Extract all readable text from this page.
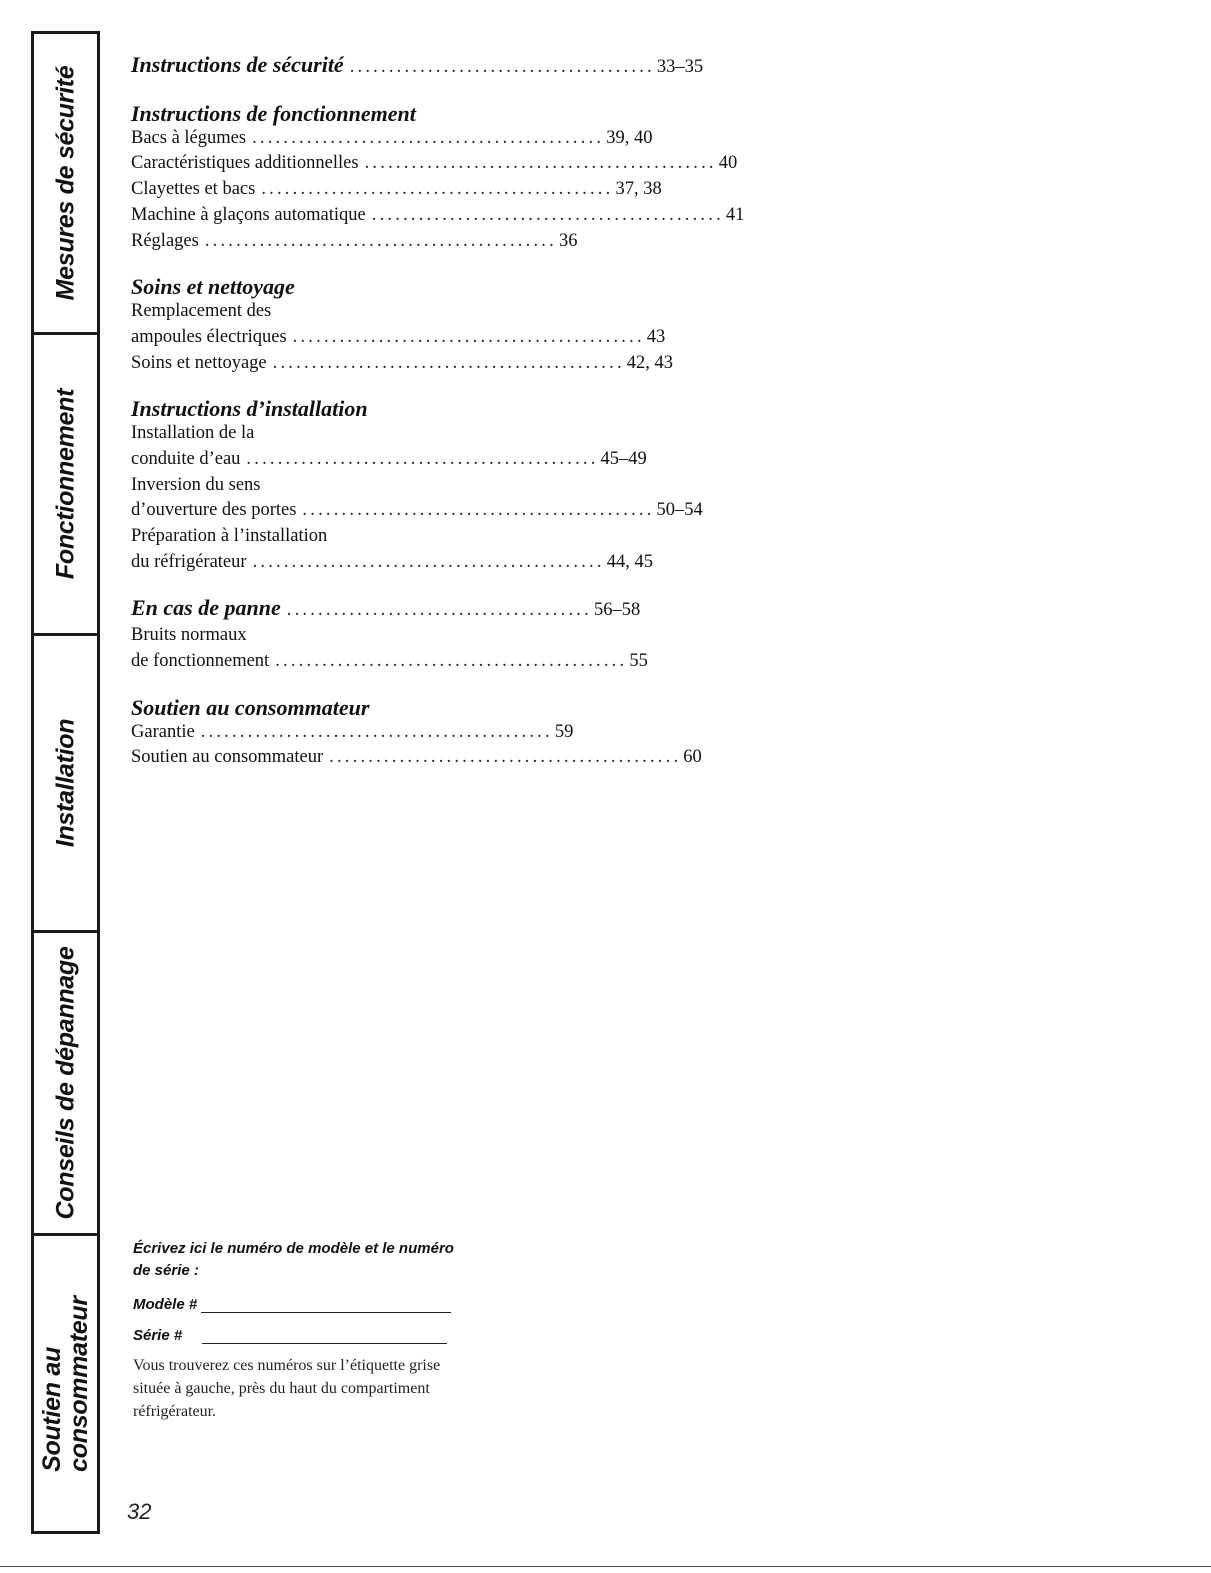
Mesures de sécurité
Fonctionnement
Installation
Conseils de dépannage
Soutien au consommateur
Instructions de sécurité ....................................... 33–35
Instructions de fonctionnement
Bacs à légumes ............................................. 39, 40
Caractéristiques additionnelles ............................................. 40
Clayettes et bacs ............................................. 37, 38
Machine à glaçons automatique ............................................. 41
Réglages ............................................. 36
Soins et nettoyage
Remplacement des
ampoules électriques ............................................. 43
Soins et nettoyage ............................................. 42, 43
Instructions d’installation
Installation de la
conduite d’eau ............................................. 45–49
Inversion du sens
d’ouverture des portes ............................................. 50–54
Préparation à l’installation
du réfrigérateur ............................................. 44, 45
En cas de panne ....................................... 56–58
Bruits normaux
de fonctionnement ............................................. 55
Soutien au consommateur
Garantie ............................................. 59
Soutien au consommateur ............................................. 60
Écrivez ici le numéro de modèle et le numéro de série :
Modèle #
Série #
Vous trouverez ces numéros sur l’étiquette grise située à gauche, près du haut du compartiment réfrigérateur.
32
